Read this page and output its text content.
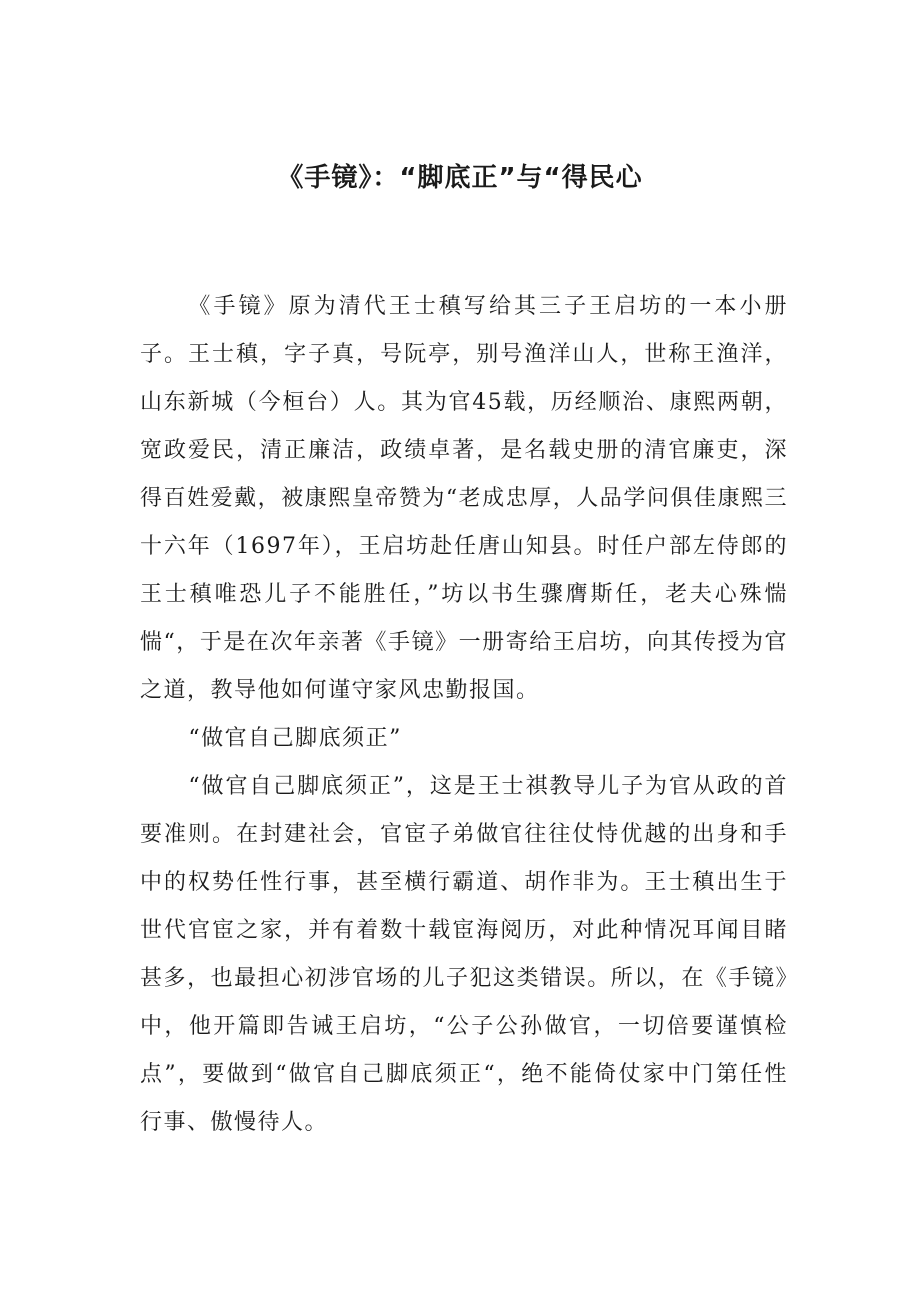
《手镜》：“脚底正”与“得民心

《手镜》原为清代王士稹写给其三子王启坊的一本小册子。王士稹，字子真，号阮亭，别号渔洋山人，世称王渔洋，山东新城（今桓台）人。其为官45载，历经顺治、康熙两朝，宽政爱民，清正廉洁，政绩卓著，是名载史册的清官廉吏，深得百姓爱戴，被康熙皇帝赞为“老成忠厚，人品学问俱佳康熙三十六年（1697年），王启坊赴任唐山知县。时任户部左侍郎的王士稹唯恐儿子不能胜任，”坊以书生骤膺斯任，老夫心殊惴惴“，于是在次年亲著《手镜》一册寄给王启坊，向其传授为官之道，教导他如何谨守家风忠勤报国。

“做官自己脚底须正”

“做官自己脚底须正”，这是王士祺教导儿子为官从政的首要准则。在封建社会，官宦子弟做官往往仗恃优越的出身和手中的权势任性行事，甚至横行霸道、胡作非为。王士稹出生于世代官宦之家，并有着数十载宦海阅历，对此种情况耳闻目睹甚多，也最担心初涉官场的儿子犯这类错误。所以，在《手镜》中，他开篇即告诫王启坊，“公子公孙做官，一切倍要谨慎检点”，要做到“做官自己脚底须正“，绝不能倚仗家中门第任性行事、傲慢待人。
